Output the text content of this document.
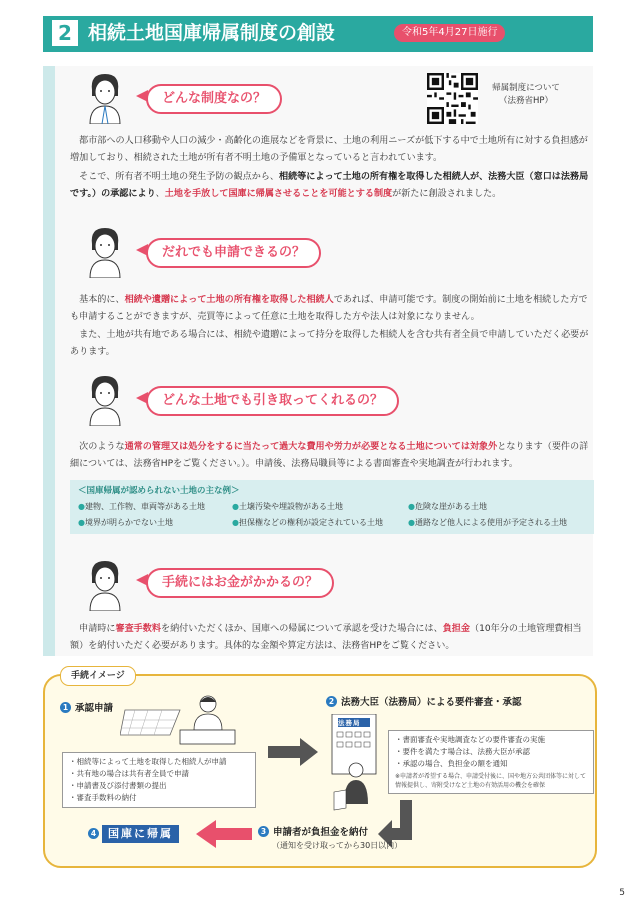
2 相続土地国庫帰属制度の創設	令和5年4月27日施行
帰属制度について
（法務省HP）
どんな制度なの？
都市部への人口移動や人口の減少・高齢化の進展などを背景に、土地の利用ニーズが低下する中で土地所有に対する負担感が増加しており、相続された土地が所有者不明土地の予備軍となっていると言われています。
そこで、所有者不明土地の発生予防の観点から、相続等によって土地の所有権を取得した相続人が、法務大臣（窓口は法務局です。）の承認により、土地を手放して国庫に帰属させることを可能とする制度が新たに創設されました。
だれでも申請できるの？
基本的に、相続や遺贈によって土地の所有権を取得した相続人であれば、申請可能です。制度の開始前に土地を相続した方でも申請することができますが、売買等によって任意に土地を取得した方や法人は対象になりません。
また、土地が共有地である場合には、相続や遺贈によって持分を取得した相続人を含む共有者全員で申請していただく必要があります。
どんな土地でも引き取ってくれるの？
次のような通常の管理又は処分をするに当たって過大な費用や労力が必要となる土地については対象外となります（要件の詳細については、法務省HPをご覧ください。）。申請後、法務局職員等による書面審査や実地調査が行われます。
＜国庫帰属が認められない土地の主な例＞
●建物、工作物、車両等がある土地	●土壌汚染や埋設物がある土地	●危険な崖がある土地
●境界が明らかでない土地	●担保権などの権利が設定されている土地	●通路など他人による使用が予定される土地
手続にはお金がかかるの？
申請時に審査手数料を納付いただくほか、国庫への帰属について承認を受けた場合には、負担金（10年分の土地管理費相当額）を納付いただく必要があります。具体的な金額や算定方法は、法務省HPをご覧ください。
手続イメージ
1 承認申請
・相続等によって土地を取得した相続人が申請
・共有地の場合は共有者全員で申請
・申請書及び添付書類の提出
・審査手数料の納付
2 法務大臣（法務局）による要件審査・承認
法務局
・書面審査や実地調査などの要件審査の実施
・要件を満たす場合は、法務大臣が承認
・承認の場合、負担金の額を通知
※申請者が希望する場合、申請受付後に、国や地方公共団体等に対して情報提供し、寄附受けなど土地の有効活用の機会を確保
3 申請者が負担金を納付
（通知を受け取ってから30日以内）
4	国庫に帰属
5
